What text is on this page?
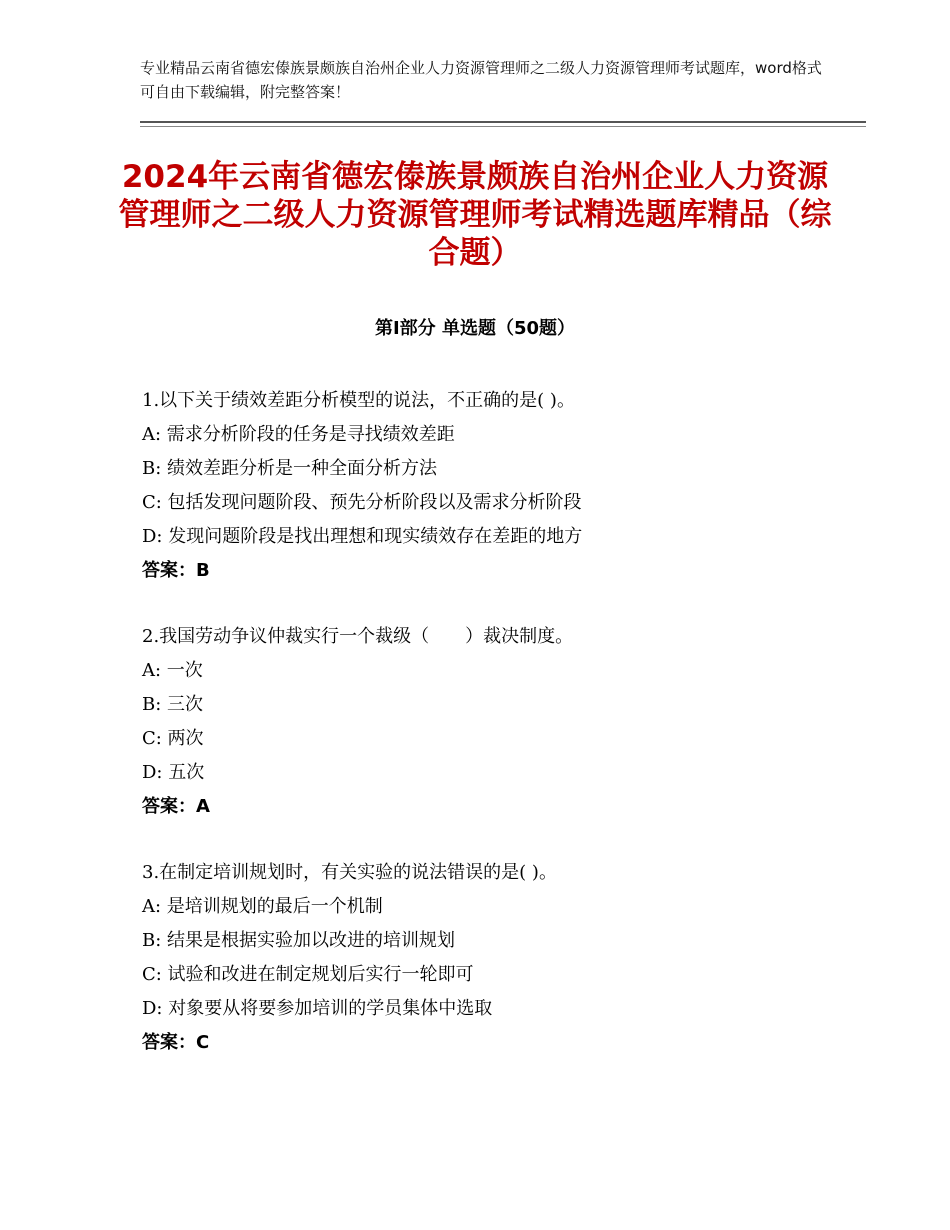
专业精品云南省德宏傣族景颇族自治州企业人力资源管理师之二级人力资源管理师考试题库，word格式可自由下载编辑，附完整答案！
2024年云南省德宏傣族景颇族自治州企业人力资源管理师之二级人力资源管理师考试精选题库精品（综合题）
第Ⅰ部分 单选题（50题）
1.以下关于绩效差距分析模型的说法，不正确的是( )。
A: 需求分析阶段的任务是寻找绩效差距
B: 绩效差距分析是一种全面分析方法
C: 包括发现问题阶段、预先分析阶段以及需求分析阶段
D: 发现问题阶段是找出理想和现实绩效存在差距的地方
答案：B
2.我国劳动争议仲裁实行一个裁级（　　）裁决制度。
A: 一次
B: 三次
C: 两次
D: 五次
答案：A
3.在制定培训规划时，有关实验的说法错误的是( )。
A: 是培训规划的最后一个机制
B: 结果是根据实验加以改进的培训规划
C: 试验和改进在制定规划后实行一轮即可
D: 对象要从将要参加培训的学员集体中选取
答案：C
